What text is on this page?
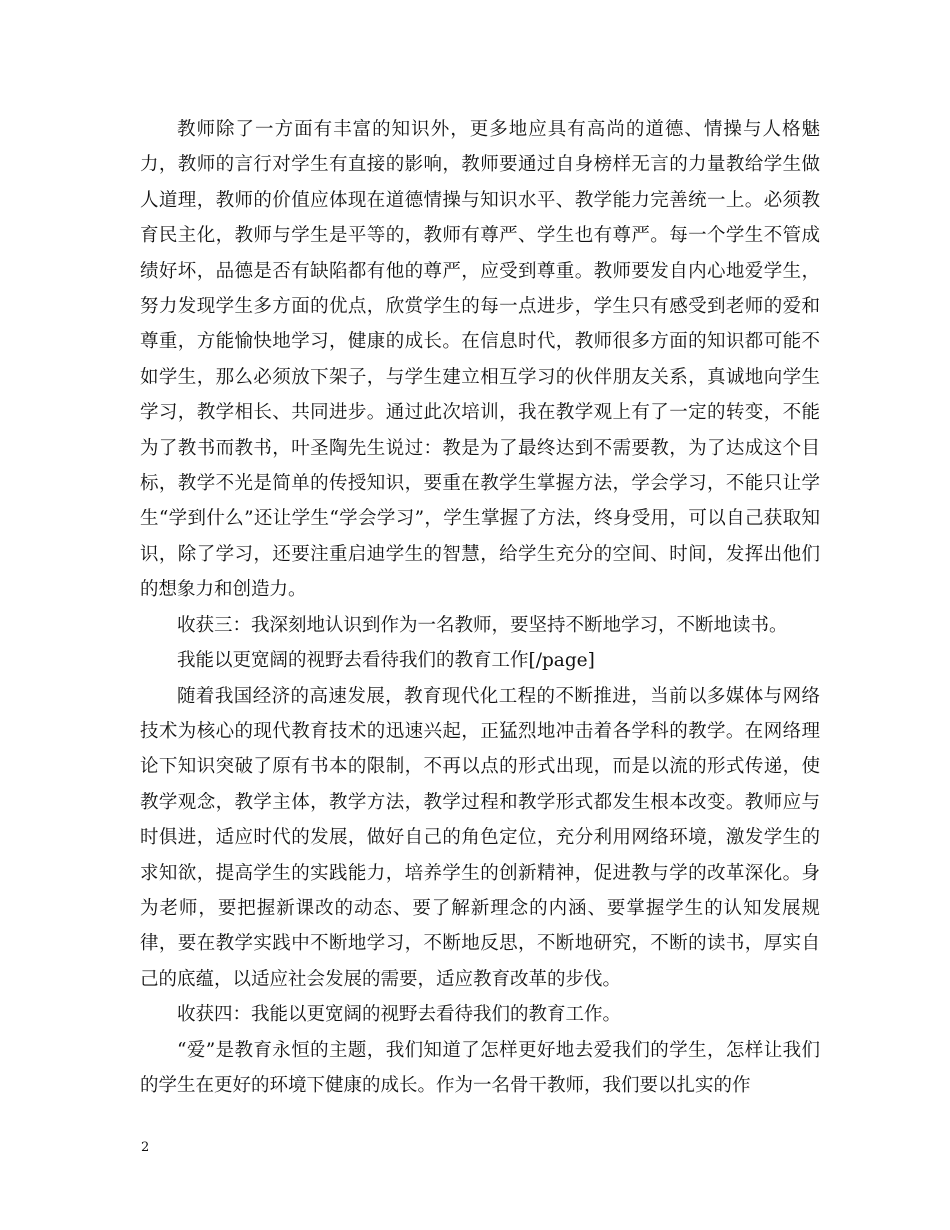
教师除了一方面有丰富的知识外，更多地应具有高尚的道德、情操与人格魅力，教师的言行对学生有直接的影响，教师要通过自身榜样无言的力量教给学生做人道理，教师的价值应体现在道德情操与知识水平、教学能力完善统一上。必须教育民主化，教师与学生是平等的，教师有尊严、学生也有尊严。每一个学生不管成绩好坏，品德是否有缺陷都有他的尊严，应受到尊重。教师要发自内心地爱学生，努力发现学生多方面的优点，欣赏学生的每一点进步，学生只有感受到老师的爱和尊重，方能愉快地学习，健康的成长。在信息时代，教师很多方面的知识都可能不如学生，那么必须放下架子，与学生建立相互学习的伙伴朋友关系，真诚地向学生学习，教学相长、共同进步。通过此次培训，我在教学观上有了一定的转变，不能为了教书而教书，叶圣陶先生说过：教是为了最终达到不需要教，为了达成这个目标，教学不光是简单的传授知识，要重在教学生掌握方法，学会学习，不能只让学生“学到什么”还让学生“学会学习”，学生掌握了方法，终身受用，可以自己获取知识，除了学习，还要注重启迪学生的智慧，给学生充分的空间、时间，发挥出他们的想象力和创造力。

收获三：我深刻地认识到作为一名教师，要坚持不断地学习，不断地读书。

我能以更宽阔的视野去看待我们的教育工作[/page]

随着我国经济的高速发展，教育现代化工程的不断推进，当前以多媒体与网络技术为核心的现代教育技术的迅速兴起，正猛烈地冲击着各学科的教学。在网络理论下知识突破了原有书本的限制，不再以点的形式出现，而是以流的形式传递，使教学观念，教学主体，教学方法，教学过程和教学形式都发生根本改变。教师应与时俱进，适应时代的发展，做好自己的角色定位，充分利用网络环境，激发学生的求知欲，提高学生的实践能力，培养学生的创新精神，促进教与学的改革深化。身为老师，要把握新课改的动态、要了解新理念的内涵、要掌握学生的认知发展规律，要在教学实践中不断地学习，不断地反思，不断地研究，不断的读书，厚实自己的底蕴，以适应社会发展的需要，适应教育改革的步伐。

收获四：我能以更宽阔的视野去看待我们的教育工作。

“爱”是教育永恒的主题，我们知道了怎样更好地去爱我们的学生，怎样让我们的学生在更好的环境下健康的成长。作为一名骨干教师，我们要以扎实的作

2
